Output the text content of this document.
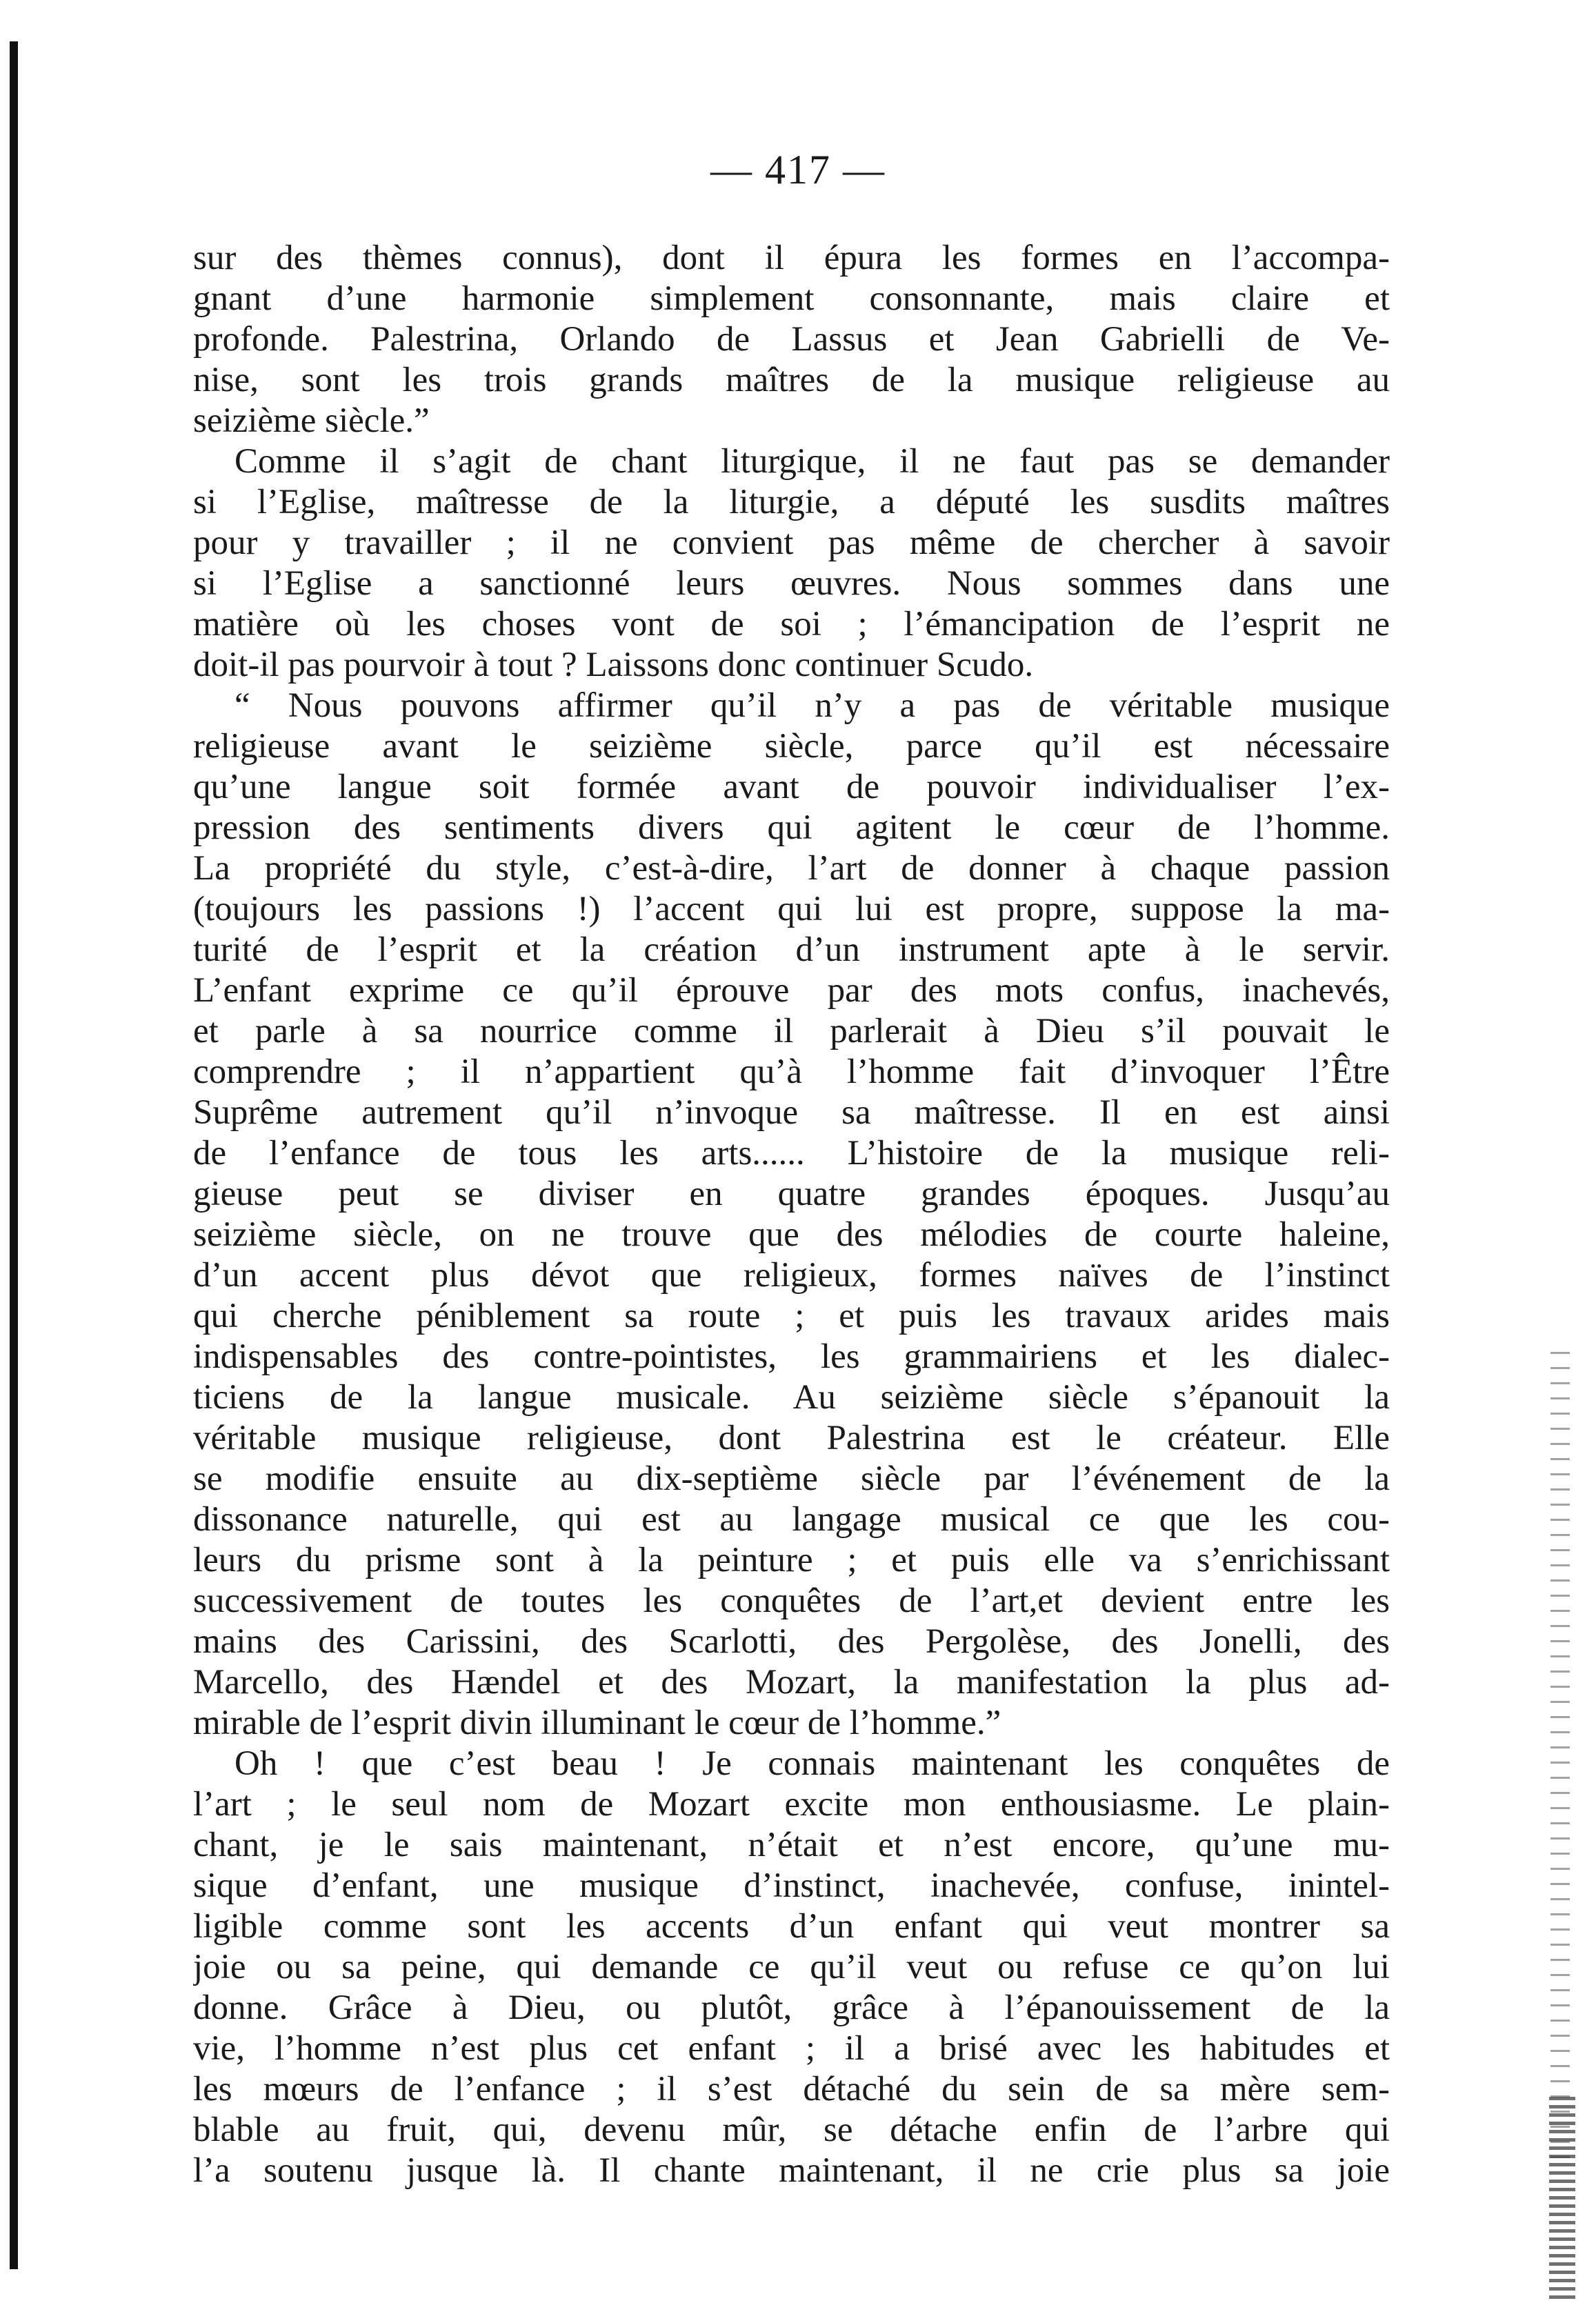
— 417 —
sur des thèmes connus), dont il épura les formes en l’accompa-
gnant d’une harmonie simplement consonnante, mais claire et
profonde. Palestrina, Orlando de Lassus et Jean Gabrielli de Ve-
nise, sont les trois grands maîtres de la musique religieuse au
seizième siècle.”
Comme il s’agit de chant liturgique, il ne faut pas se demander
si l’Eglise, maîtresse de la liturgie, a député les susdits maîtres
pour y travailler ; il ne convient pas même de chercher à savoir
si l’Eglise a sanctionné leurs œuvres. Nous sommes dans une
matière où les choses vont de soi ; l’émancipation de l’esprit ne
doit-il pas pourvoir à tout ? Laissons donc continuer Scudo.
“ Nous pouvons affirmer qu’il n’y a pas de véritable musique
religieuse avant le seizième siècle, parce qu’il est nécessaire
qu’une langue soit formée avant de pouvoir individualiser l’ex-
pression des sentiments divers qui agitent le cœur de l’homme.
La propriété du style, c’est-à-dire, l’art de donner à chaque passion
(toujours les passions !) l’accent qui lui est propre, suppose la ma-
turité de l’esprit et la création d’un instrument apte à le servir.
L’enfant exprime ce qu’il éprouve par des mots confus, inachevés,
et parle à sa nourrice comme il parlerait à Dieu s’il pouvait le
comprendre ; il n’appartient qu’à l’homme fait d’invoquer l’Être
Suprême autrement qu’il n’invoque sa maîtresse. Il en est ainsi
de l’enfance de tous les arts...... L’histoire de la musique reli-
gieuse peut se diviser en quatre grandes époques. Jusqu’au
seizième siècle, on ne trouve que des mélodies de courte haleine,
d’un accent plus dévot que religieux, formes naïves de l’instinct
qui cherche péniblement sa route ; et puis les travaux arides mais
indispensables des contre-pointistes, les grammairiens et les dialec-
ticiens de la langue musicale. Au seizième siècle s’épanouit la
véritable musique religieuse, dont Palestrina est le créateur. Elle
se modifie ensuite au dix-septième siècle par l’événement de la
dissonance naturelle, qui est au langage musical ce que les cou-
leurs du prisme sont à la peinture ; et puis elle va s’enrichissant
successivement de toutes les conquêtes de l’art,et devient entre les
mains des Carissini, des Scarlotti, des Pergolèse, des Jonelli, des
Marcello, des Hændel et des Mozart, la manifestation la plus ad-
mirable de l’esprit divin illuminant le cœur de l’homme.”
Oh ! que c’est beau ! Je connais maintenant les conquêtes de
l’art ; le seul nom de Mozart excite mon enthousiasme. Le plain-
chant, je le sais maintenant, n’était et n’est encore, qu’une mu-
sique d’enfant, une musique d’instinct, inachevée, confuse, inintel-
ligible comme sont les accents d’un enfant qui veut montrer sa
joie ou sa peine, qui demande ce qu’il veut ou refuse ce qu’on lui
donne. Grâce à Dieu, ou plutôt, grâce à l’épanouissement de la
vie, l’homme n’est plus cet enfant ; il a brisé avec les habitudes et
les mœurs de l’enfance ; il s’est détaché du sein de sa mère sem-
blable au fruit, qui, devenu mûr, se détache enfin de l’arbre qui
l’a soutenu jusque là. Il chante maintenant, il ne crie plus sa joie
